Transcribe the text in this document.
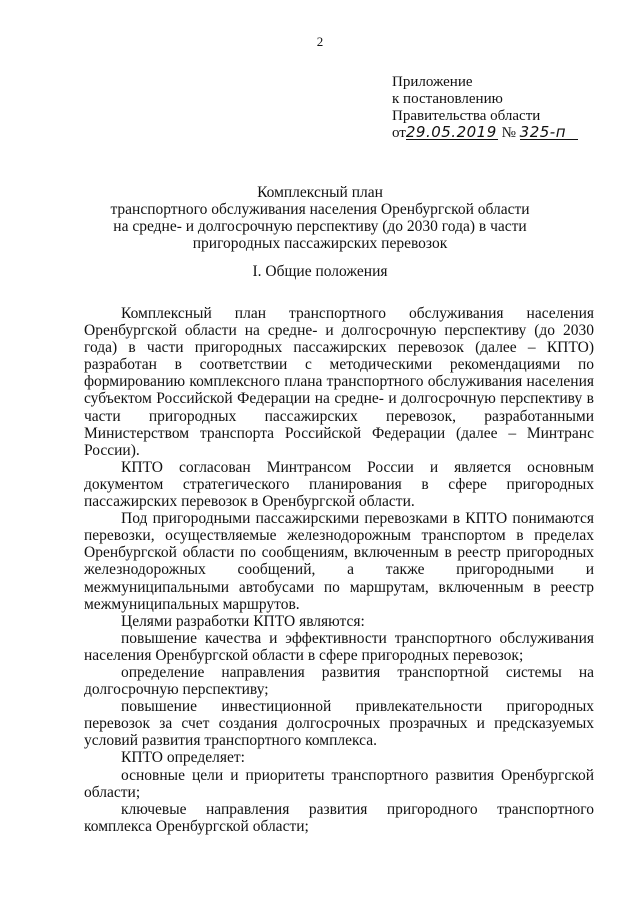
2
Приложение
к постановлению
Правительства области
от29.05.2019 № 325-п
Комплексный план
транспортного обслуживания населения Оренбургской области
на средне- и долгосрочную перспективу (до 2030 года) в части
пригородных пассажирских перевозок
I. Общие положения

Комплексный план транспортного обслуживания населения Оренбургской области на средне- и долгосрочную перспективу (до 2030 года) в части пригородных пассажирских перевозок (далее – КПТО) разработан в соответствии с методическими рекомендациями по формированию комплексного плана транспортного обслуживания населения субъектом Российской Федерации на средне- и долгосрочную перспективу в части пригородных пассажирских перевозок, разработанными Министерством транспорта Российской Федерации (далее – Минтранс России).

КПТО согласован Минтрансом России и является основным документом стратегического планирования в сфере пригородных пассажирских перевозок в Оренбургской области.

Под пригородными пассажирскими перевозками в КПТО понимаются перевозки, осуществляемые железнодорожным транспортом в пределах Оренбургской области по сообщениям, включенным в реестр пригородных железнодорожных сообщений, а также пригородными и межмуниципальными автобусами по маршрутам, включенным в реестр межмуниципальных маршрутов.

Целями разработки КПТО являются:

повышение качества и эффективности транспортного обслуживания населения Оренбургской области в сфере пригородных перевозок;

определение направления развития транспортной системы на долгосрочную перспективу;

повышение инвестиционной привлекательности пригородных перевозок за счет создания долгосрочных прозрачных и предсказуемых условий развития транспортного комплекса.

КПТО определяет:

основные цели и приоритеты транспортного развития Оренбургской области;

ключевые направления развития пригородного транспортного комплекса Оренбургской области;
